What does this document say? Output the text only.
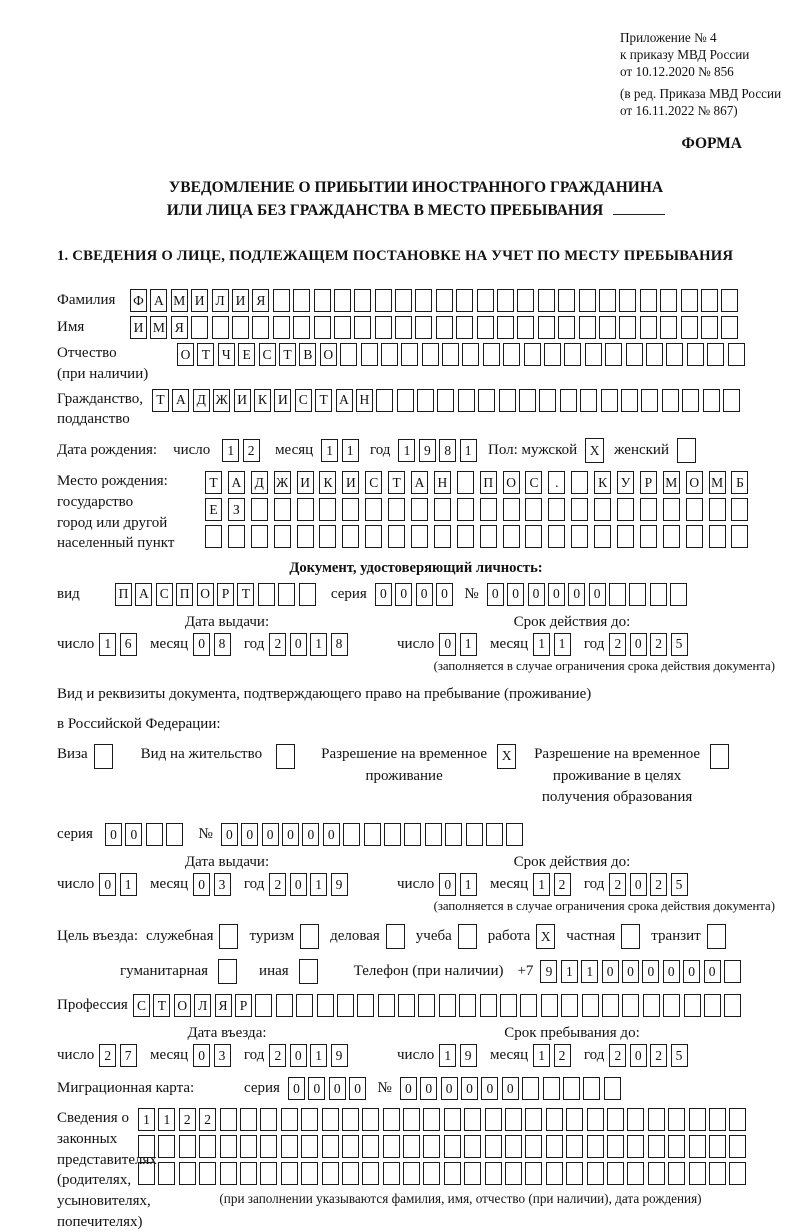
Приложение № 4
к приказу МВД России
от 10.12.2020 № 856
(в ред. Приказа МВД России
от 16.11.2022 № 867)
ФОРМА
УВЕДОМЛЕНИЕ О ПРИБЫТИИ ИНОСТРАННОГО ГРАЖДАНИНА
ИЛИ ЛИЦА БЕЗ ГРАЖДАНСТВА В МЕСТО ПРЕБЫВАНИЯ
1. СВЕДЕНИЯ О ЛИЦЕ, ПОДЛЕЖАЩЕМ ПОСТАНОВКЕ НА УЧЕТ ПО МЕСТУ ПРЕБЫВАНИЯ
Фамилия	Ф А М И Л И Я
Имя	И М Я
Отчество
(при наличии)
О Т Ч Е С Т В О
Гражданство,
подданство
Т А Д Ж И К И С Т А Н
Дата рождения: число	1	2	месяц 1	1	год 1	9	8	1	Пол: мужской X женский
Место рождения:
государство
город или другой
населенный пункт
Т	А Д Ж И К И С	Т	А Н	П О С	.	К У	Р М О М Б
Е	З
Документ, удостоверяющий личность:
вид	П А С П О Р Т	серия 0	0	0	0	№ 0	0	0	0	0	0
Дата выдачи:	Срок действия до:
число 1	6	месяц 0	8	год 2	0	1	8	число 0	1	месяц 1	1	год 2	0	2	5
(заполняется в случае ограничения срока действия документа)
Вид и реквизиты документа, подтверждающего право на пребывание (проживание)
в Российской Федерации:
Виза	Вид на жительство	Разрешение на временное
проживание
X	Разрешение на временное
проживание в целях
получения образования
серия	0	0	№ 0	0	0	0	0	0
Дата выдачи:	Срок действия до:
число 0	1	месяц 0	3	год 2	0	1	9	число 0	1	месяц 1	2	год 2	0	2	5
(заполняется в случае ограничения срока действия документа)
Цель въезда: служебная туризм деловая учеба работа X	частная транзит
гуманитарная	иная	Телефон (при наличии) +7 9	1	1	0	0	0	0	0	0
Профессия С Т О Л Я Р
Дата въезда:	Срок пребывания до:
число 2	7	месяц 0	3	год 2	0	1	9	число 1	9	месяц 1	2	год 2	0	2	5
Миграционная карта:	серия 0	0	0	0	№ 0	0	0	0	0	0
Сведения о
законных
представителях
(родителях,
усыновителях,
попечителях)
1	1	2	2
(при заполнении указываются фамилия, имя, отчество (при наличии), дата рождения)
